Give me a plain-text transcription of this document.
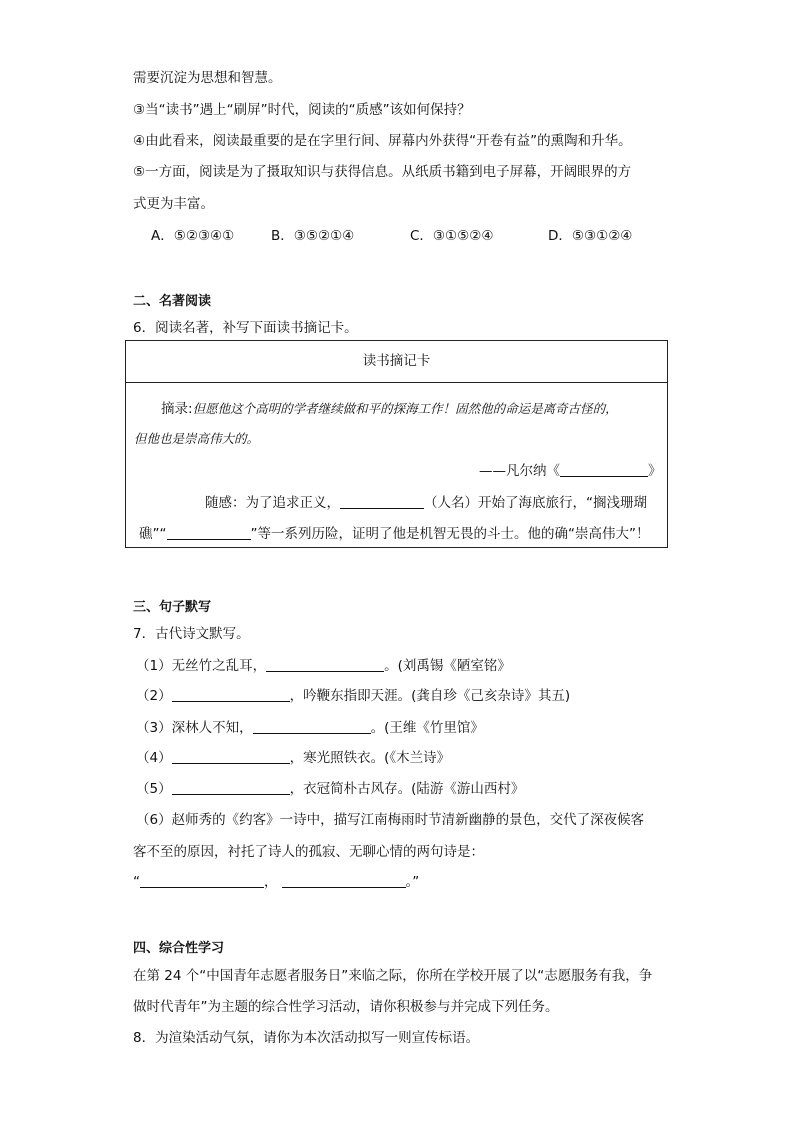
需要沉淀为思想和智慧。
③当“读书”遇上“刷屏”时代，阅读的“质感”该如何保持？
④由此看来，阅读最重要的是在字里行间、屏幕内外获得“开卷有益”的熏陶和升华。
⑤一方面，阅读是为了摄取知识与获得信息。从纸质书籍到电子屏幕，开阔眼界的方
式更为丰富。
A．⑤②③④①	B．③⑤②①④	C．③①⑤②④	D．⑤③①②④
二、名著阅读
6．阅读名著，补写下面读书摘记卡。
读书摘记卡
摘录:但愿他这个高明的学者继续做和平的探海工作！固然他的命运是离奇古怪的，
但他也是崇高伟大的。
——凡尔纳《	》
随感：为了追求正义，	（人名）开始了海底旅行，“搁浅珊瑚
礁”“	”等一系列历险，证明了他是机智无畏的斗士。他的确“崇高伟大”！
三、句子默写
7．古代诗文默写。
（1）无丝竹之乱耳，	。(刘禹锡《陋室铭》
（2）	，吟鞭东指即天涯。(龚自珍《己亥杂诗》其五)
（3）深林人不知，	。(王维《竹里馆》
（4）	，寒光照铁衣。(《木兰诗》
（5）	，衣冠简朴古风存。(陆游《游山西村》
（6）赵师秀的《约客》一诗中，描写江南梅雨时节清新幽静的景色，交代了深夜候客
客不至的原因，衬托了诗人的孤寂、无聊心情的两句诗是：
“	，	。”
四、综合性学习
在第 24 个“中国青年志愿者服务日”来临之际，你所在学校开展了以“志愿服务有我，争
做时代青年”为主题的综合性学习活动，请你积极参与并完成下列任务。
8．为渲染活动气氛，请你为本次活动拟写一则宣传标语。
